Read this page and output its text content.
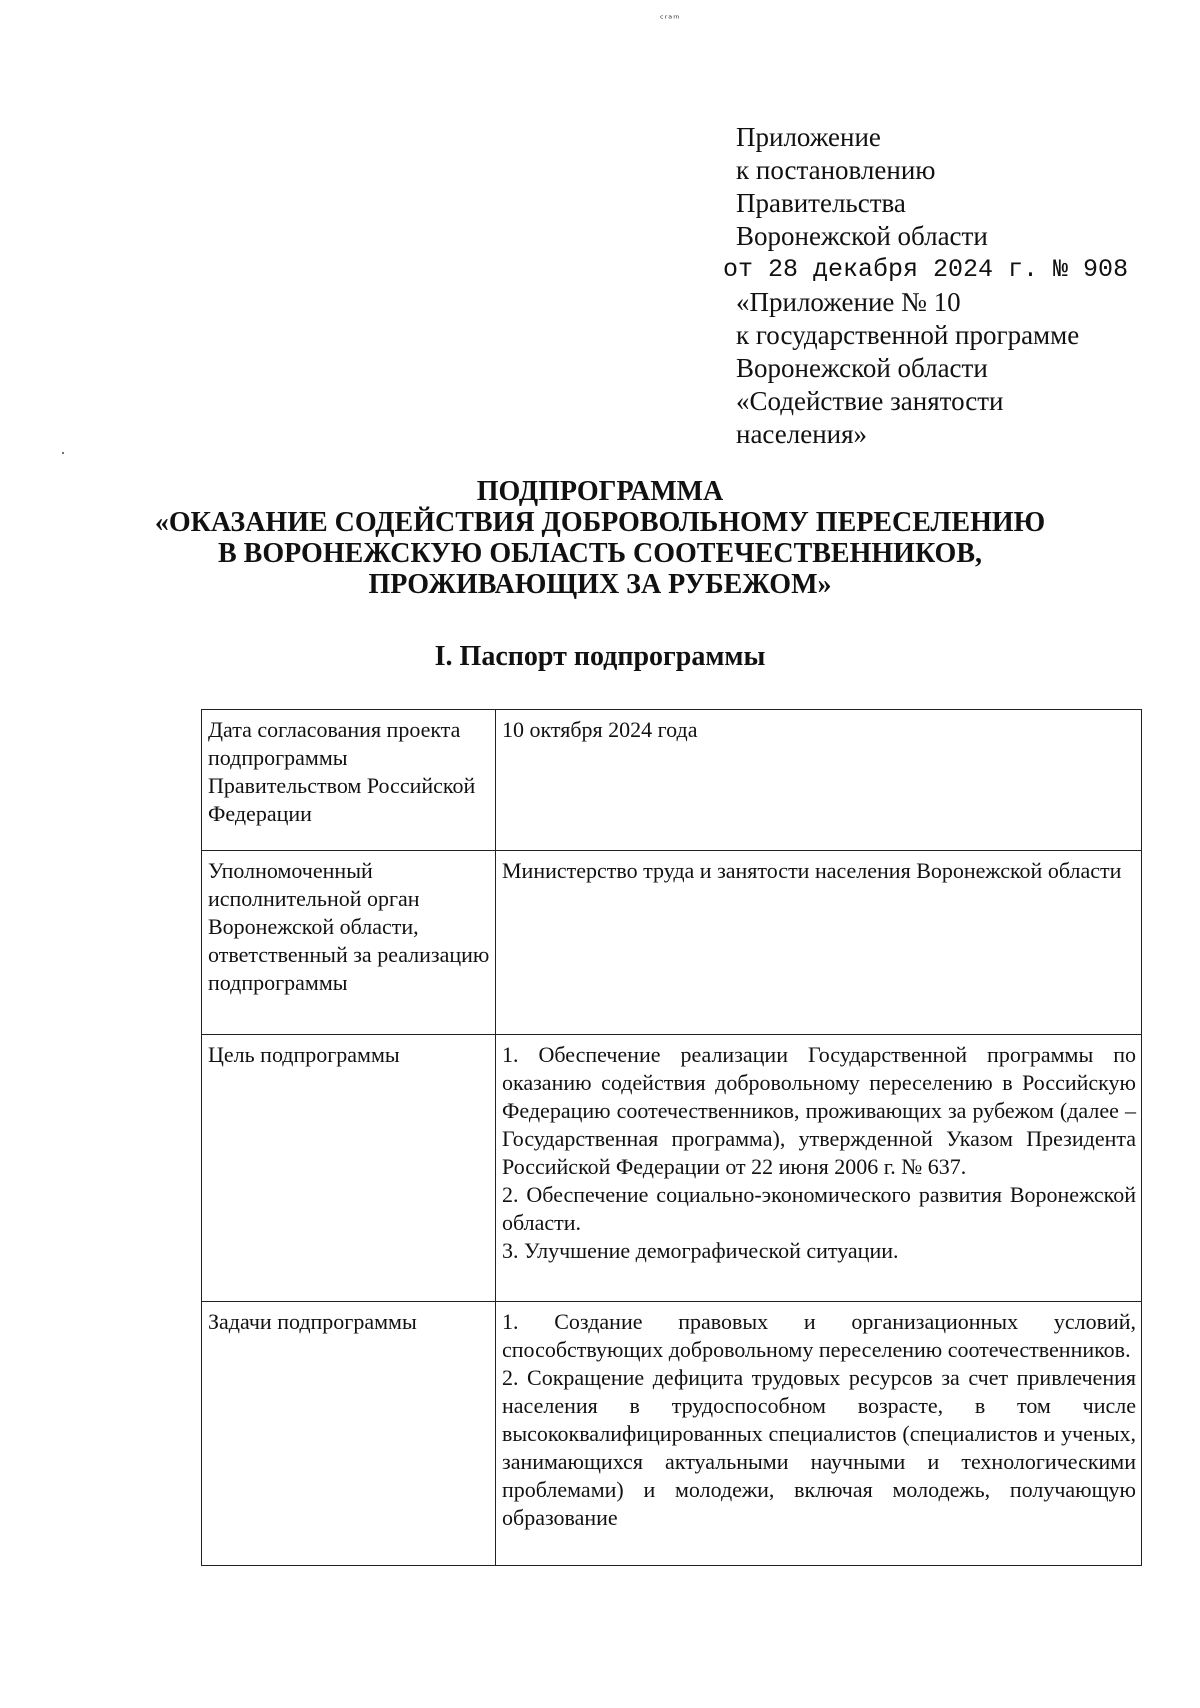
ᶜʳᵃᵐ
Приложение
к постановлению
Правительства
Воронежской области
от 28 декабря 2024 г. № 908
«Приложение № 10
к государственной программе
Воронежской области
«Содействие занятости
населения»
ПОДПРОГРАММА
«ОКАЗАНИЕ СОДЕЙСТВИЯ ДОБРОВОЛЬНОМУ ПЕРЕСЕЛЕНИЮ
В ВОРОНЕЖСКУЮ ОБЛАСТЬ СООТЕЧЕСТВЕННИКОВ,
ПРОЖИВАЮЩИХ ЗА РУБЕЖОМ»
I. Паспорт подпрограммы
Дата согласования проекта подпрограммы Правительством Российской Федерации	10 октября 2024 года

Уполномоченный исполнительной орган Воронежской области, ответственный за реализацию подпрограммы	Министерство труда и занятости населения Воронежской области

Цель подпрограммы	1. Обеспечение реализации Государственной программы по оказанию содействия добровольному переселению в Российскую Федерацию соотечественников, проживающих за рубежом (далее – Государственная программа), утвержденной Указом Президента Российской Федерации от 22 июня 2006 г. № 637.
2. Обеспечение социально-экономического развития Воронежской области.
3. Улучшение демографической ситуации.

Задачи подпрограммы	1. Создание правовых и организационных условий, способствующих добровольному переселению соотечественников.
2. Сокращение дефицита трудовых ресурсов за счет привлечения населения в трудоспособном возрасте, в том числе высококвалифицированных специалистов (специалистов и ученых, занимающихся актуальными научными и технологическими проблемами) и молодежи, включая молодежь, получающую образование
